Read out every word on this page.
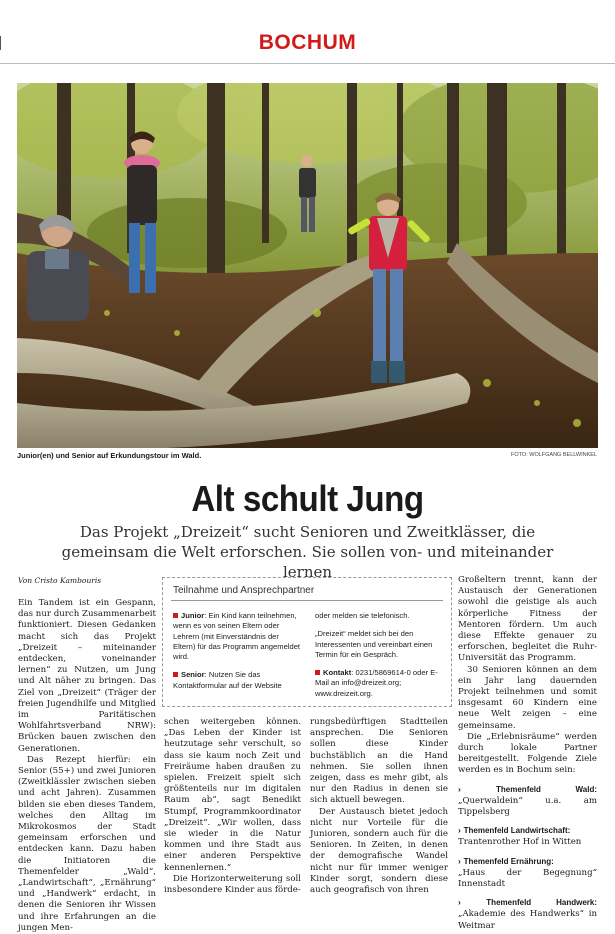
BOCHUM
Junior(en) und Senior auf Erkundungstour im Wald.	FOTO: WOLFGANG BELLWINKEL
Alt schult Jung
Das Projekt „Dreizeit“ sucht Senioren und Zweitklässer, die gemeinsam die Welt erforschen. Sie sollen von- und miteinander lernen
Von Cristo Kambouris

Ein Tandem ist ein Gespann, das nur durch Zusammenarbeit funktioniert. Diesen Gedanken macht sich das Projekt „Dreizeit – miteinander entdecken, voneinander lernen“ zu Nutzen, um Jung und Alt näher zu bringen. Das Ziel von „Dreizeit“ (Träger der freien Jugendhilfe und Mitglied im Paritätischen Wohlfahrtsverband NRW): Brücken bauen zwischen den Generationen.

Das Rezept hierfür: ein Senior (55+) und zwei Junioren (Zweitklässler zwischen sieben und acht Jahren). Zusammen bilden sie eben dieses Tandem, welches den Alltag im Mikrokosmos der Stadt gemeinsam erforschen und entdecken kann. Dazu haben die Initiatoren die Themenfelder „Wald“, „Landwirtschaft“, „Ernährung“ und „Handwerk“ erdacht, in denen die Senioren ihr Wissen und ihre Erfahrungen an die jungen Men-

Teilnahme und Ansprechpartner

Junior: Ein Kind kann teilnehmen, wenn es von seinen Eltern oder Lehrern (mit Einverständnis der Eltern) für das Programm angemeldet wird.

Senior: Nutzen Sie das Kontaktformular auf der Website

oder melden sie telefonisch.

„Dreizeit“ meldet sich bei den Interessenten und vereinbart einen Termin für ein Gespräch.

Kontakt: 0231/5869614-0 oder E-Mail an info@dreizeit.org; www.dreizeit.org.

schen weitergeben können. „Das Leben der Kinder ist heutzutage sehr verschult, so dass sie kaum noch Zeit und Freiräume haben draußen zu spielen. Freizeit spielt sich größtenteils nur im digitalen Raum ab“, sagt Benedikt Stumpf, Programmkoordinator „Dreizeit“. „Wir wollen, dass sie wieder in die Natur kommen und ihre Stadt aus einer anderen Perspektive kennenlernen.“

Die Horizonterweiterung soll insbesondere Kinder aus förde-

rungsbedürftigen Stadtteilen ansprechen. Die Senioren sollen diese Kinder buchstäblich an die Hand nehmen. Sie sollen ihnen zeigen, dass es mehr gibt, als nur den Radius in denen sie sich aktuell bewegen.

Der Austausch bietet jedoch nicht nur Vorteile für die Junioren, sondern auch für die Senioren. In Zeiten, in denen der demografische Wandel nicht nur für immer weniger Kinder sorgt, sondern diese auch geografisch von ihren

Großeltern trennt, kann der Austausch der Generationen sowohl die geistige als auch körperliche Fitness der Mentoren fördern. Um auch diese Effekte genauer zu erforschen, begleitet die Ruhr-Universität das Programm.

30 Senioren können an dem ein Jahr lang dauernden Projekt teilnehmen und somit insgesamt 60 Kindern eine neue Welt zeigen – eine gemeinsame.

Die „Erlebnisräume“ werden durch lokale Partner bereitgestellt. Folgende Ziele werden es in Bochum sein:

›	Themenfeld Wald: „Querwaldein“ u.a. am Tippelsberg
› Themenfeld Landwirtschaft:
Trantenrother Hof in Witten
› Themenfeld Ernährung:
„Haus der Begegnung“ Innenstadt
›	Themenfeld Handwerk: „Akademie des Handwerks“ in Weitmar
